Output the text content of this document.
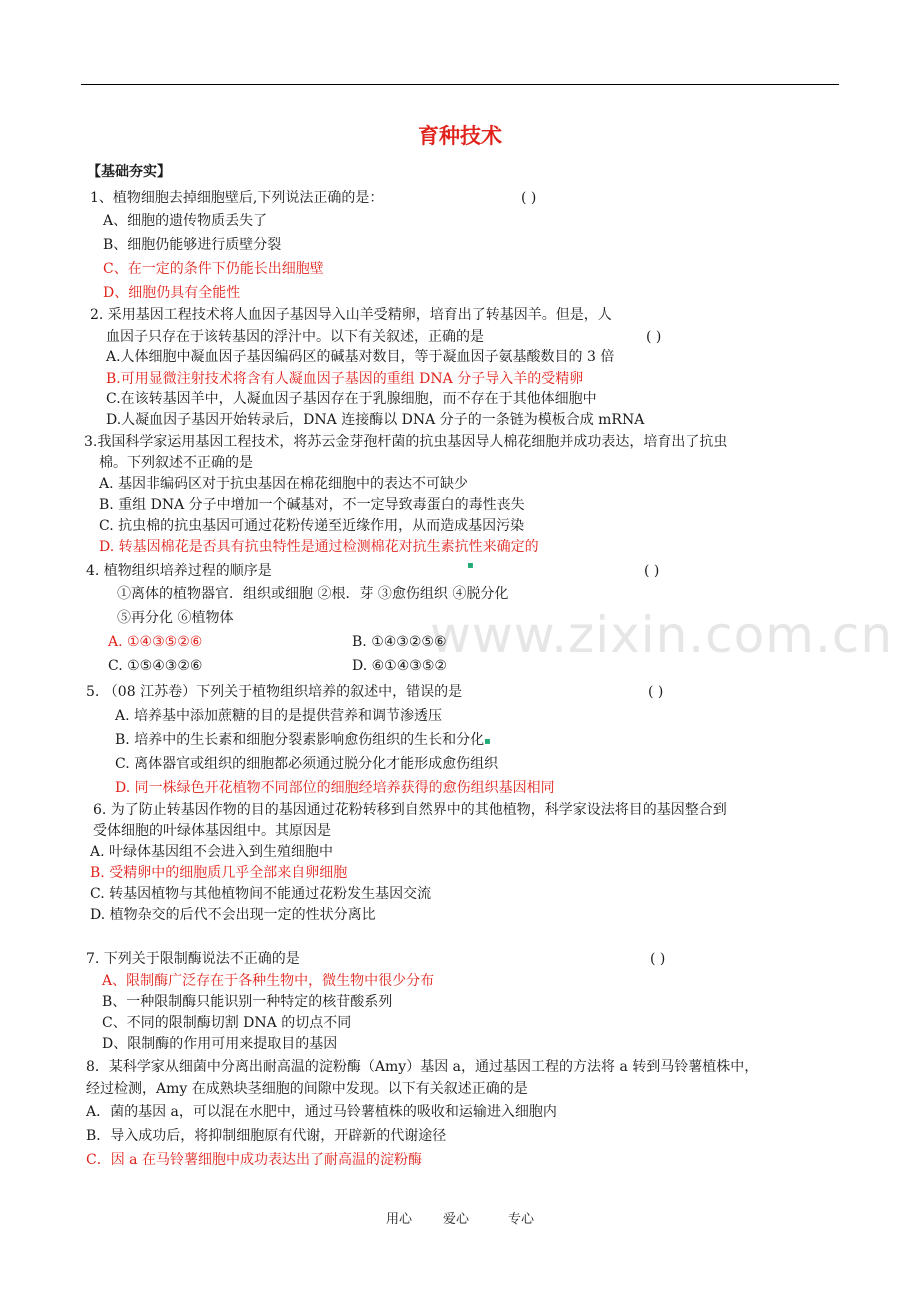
育种技术
【基础夯实】
www.zixin.com.cn
▪
▪
1、植物细胞去掉细胞壁后,下列说法正确的是：	( )
A、细胞的遗传物质丢失了
B、细胞仍能够进行质壁分裂
C、在一定的条件下仍能长出细胞壁
D、细胞仍具有全能性
2. 采用基因工程技术将人血因子基因导入山羊受精卵，培育出了转基因羊。但是，人
血因子只存在于该转基因的浮汁中。以下有关叙述，正确的是	( )
A.人体细胞中凝血因子基因编码区的碱基对数目，等于凝血因子氨基酸数目的 3 倍
B.可用显微注射技术将含有人凝血因子基因的重组 DNA 分子导入羊的受精卵
C.在该转基因羊中，人凝血因子基因存在于乳腺细胞，而不存在于其他体细胞中
D.人凝血因子基因开始转录后，DNA 连接酶以 DNA 分子的一条链为模板合成 mRNA
3.我国科学家运用基因工程技术，将苏云金芽孢杆菌的抗虫基因导人棉花细胞并成功表达，培育出了抗虫
棉。下列叙述不正确的是
A. 基因非编码区对于抗虫基因在棉花细胞中的表达不可缺少
B. 重组 DNA 分子中增加一个碱基对，不一定导致毒蛋白的毒性丧失
C. 抗虫棉的抗虫基因可通过花粉传递至近缘作用，从而造成基因污染
D. 转基因棉花是否具有抗虫特性是通过检测棉花对抗生素抗性来确定的
4. 植物组织培养过程的顺序是	( )
①离体的植物器官．组织或细胞 ②根．芽 ③愈伤组织 ④脱分化
⑤再分化 ⑥植物体
A. ①④③⑤②⑥	B. ①④③②⑤⑥
C. ①⑤④③②⑥	D. ⑥①④③⑤②
5. （08 江苏卷）下列关于植物组织培养的叙述中，错误的是	( )
A. 培养基中添加蔗糖的目的是提供营养和调节渗透压
B. 培养中的生长素和细胞分裂素影响愈伤组织的生长和分化
C. 离体器官或组织的细胞都必须通过脱分化才能形成愈伤组织
D. 同一株绿色开花植物不同部位的细胞经培养获得的愈伤组织基因相同
6. 为了防止转基因作物的目的基因通过花粉转移到自然界中的其他植物，科学家设法将目的基因整合到
受体细胞的叶绿体基因组中。其原因是
A. 叶绿体基因组不会进入到生殖细胞中
B. 受精卵中的细胞质几乎全部来自卵细胞
C. 转基因植物与其他植物间不能通过花粉发生基因交流
D. 植物杂交的后代不会出现一定的性状分离比
7. 下列关于限制酶说法不正确的是	( )
A、限制酶广泛存在于各种生物中，微生物中很少分布
B、一种限制酶只能识别一种特定的核苷酸系列
C、不同的限制酶切割 DNA 的切点不同
D、限制酶的作用可用来提取目的基因
8．某科学家从细菌中分离出耐高温的淀粉酶（Amy）基因 a，通过基因工程的方法将 a 转到马铃薯植株中，
经过检测，Amy 在成熟块茎细胞的间隙中发现。以下有关叙述正确的是
A．菌的基因 a，可以混在水肥中，通过马铃薯植株的吸收和运输进入细胞内
B．导入成功后，将抑制细胞原有代谢，开辟新的代谢途径
C．因 a 在马铃薯细胞中成功表达出了耐高温的淀粉酶
用心 爱心	专心
